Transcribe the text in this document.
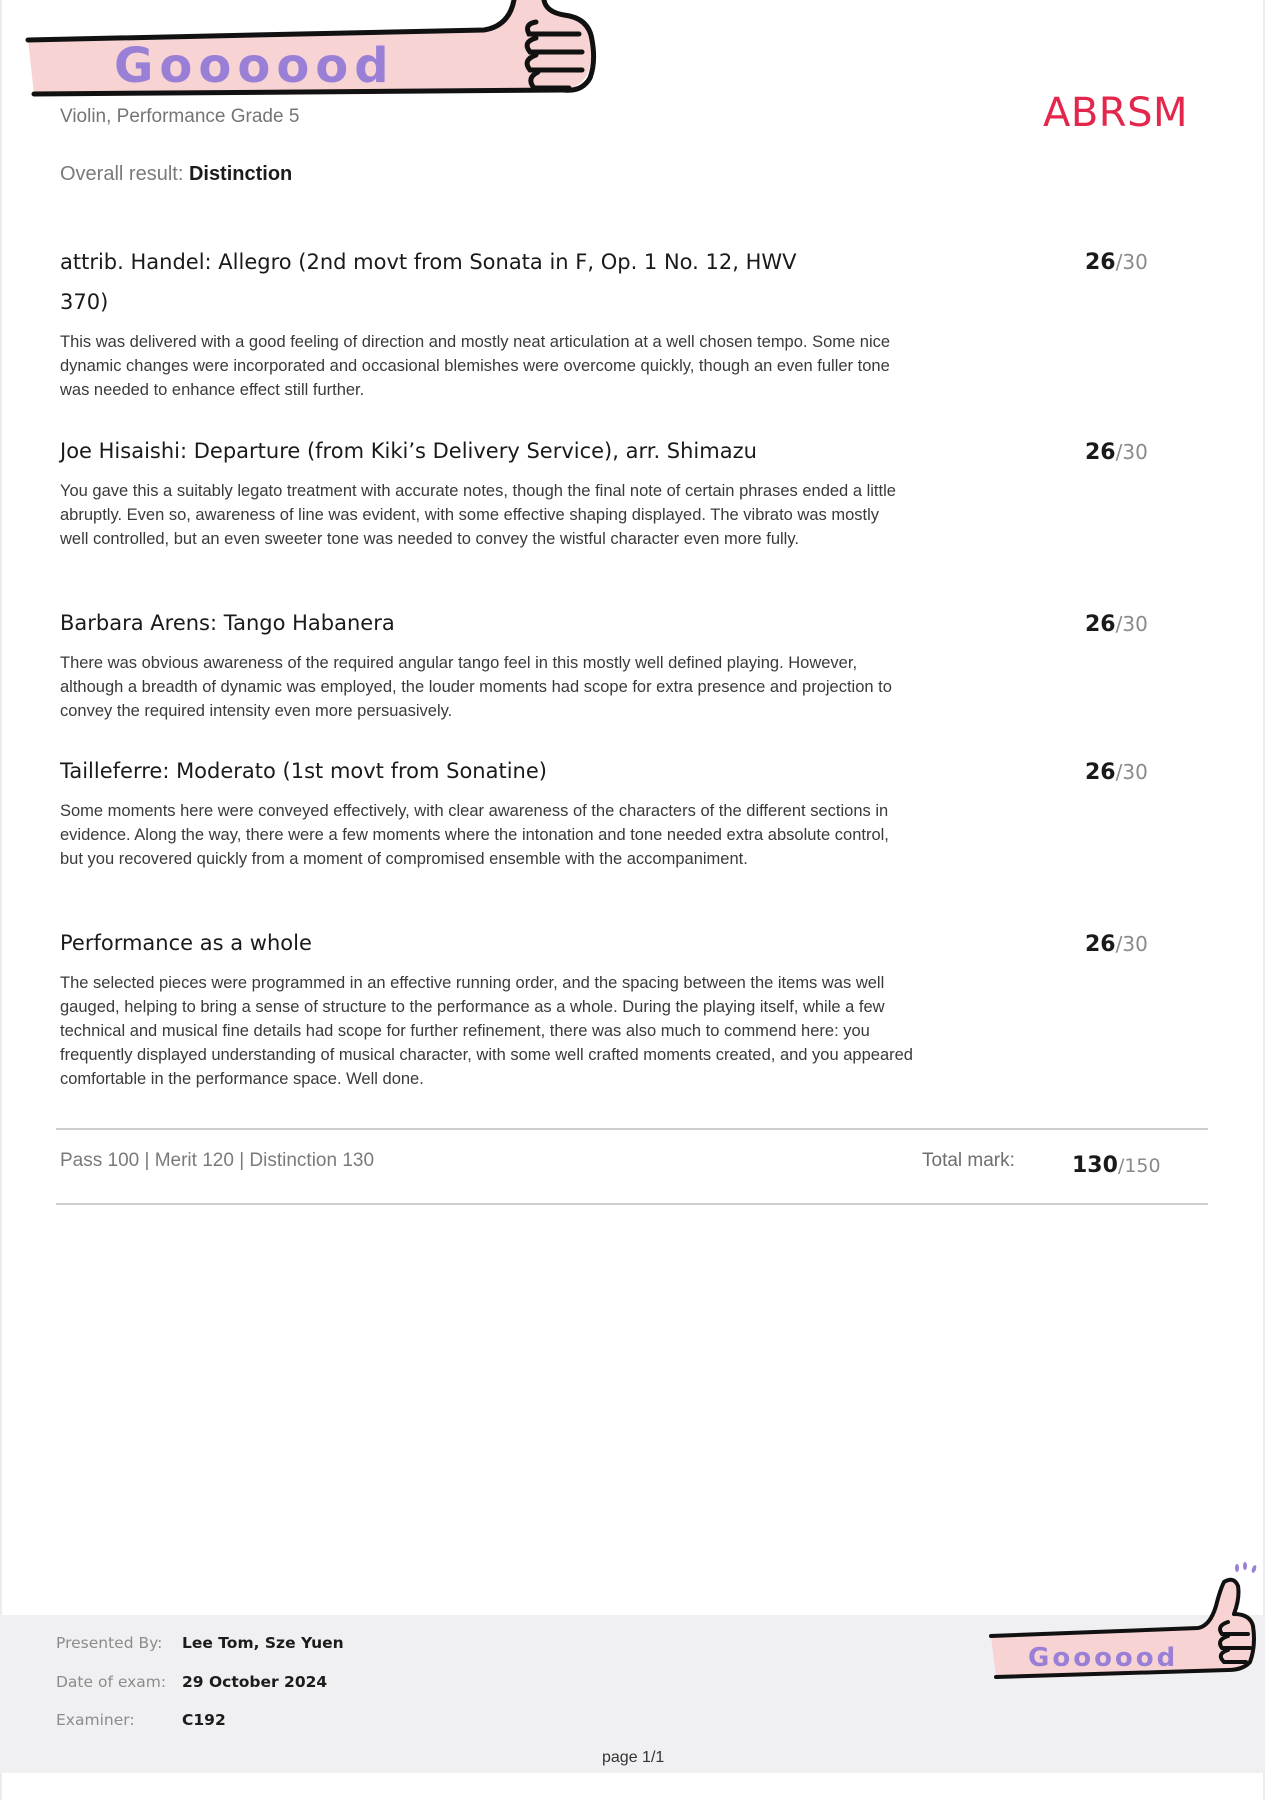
Goooood
Violin, Performance Grade 5	ABRSM
Overall result: Distinction
attrib. Handel: Allegro (2nd movt from Sonata in F, Op. 1 No. 12, HWV
370)
This was delivered with a good feeling of direction and mostly neat articulation at a well chosen tempo. Some nice dynamic changes were incorporated and occasional blemishes were overcome quickly, though an even fuller tone was needed to enhance effect still further.
26/30
Joe Hisaishi: Departure (from Kiki’s Delivery Service), arr. Shimazu
You gave this a suitably legato treatment with accurate notes, though the final note of certain phrases ended a little abruptly. Even so, awareness of line was evident, with some effective shaping displayed. The vibrato was mostly well controlled, but an even sweeter tone was needed to convey the wistful character even more fully.
26/30
Barbara Arens: Tango Habanera
There was obvious awareness of the required angular tango feel in this mostly well defined playing. However, although a breadth of dynamic was employed, the louder moments had scope for extra presence and projection to convey the required intensity even more persuasively.
26/30
Tailleferre: Moderato (1st movt from Sonatine)
Some moments here were conveyed effectively, with clear awareness of the characters of the different sections in evidence. Along the way, there were a few moments where the intonation and tone needed extra absolute control, but you recovered quickly from a moment of compromised ensemble with the accompaniment.
26/30
Performance as a whole
The selected pieces were programmed in an effective running order, and the spacing between the items was well gauged, helping to bring a sense of structure to the performance as a whole. During the playing itself, while a few technical and musical fine details had scope for further refinement, there was also much to commend here: you frequently displayed understanding of musical character, with some well crafted moments created, and you appeared comfortable in the performance space. Well done.
26/30
Pass 100 | Merit 120 | Distinction 130	Total mark:	130/150
Presented By: Lee Tom, Sze Yuen
Date of exam: 29 October 2024
Examiner:	C192
page 1/1
Goooood
